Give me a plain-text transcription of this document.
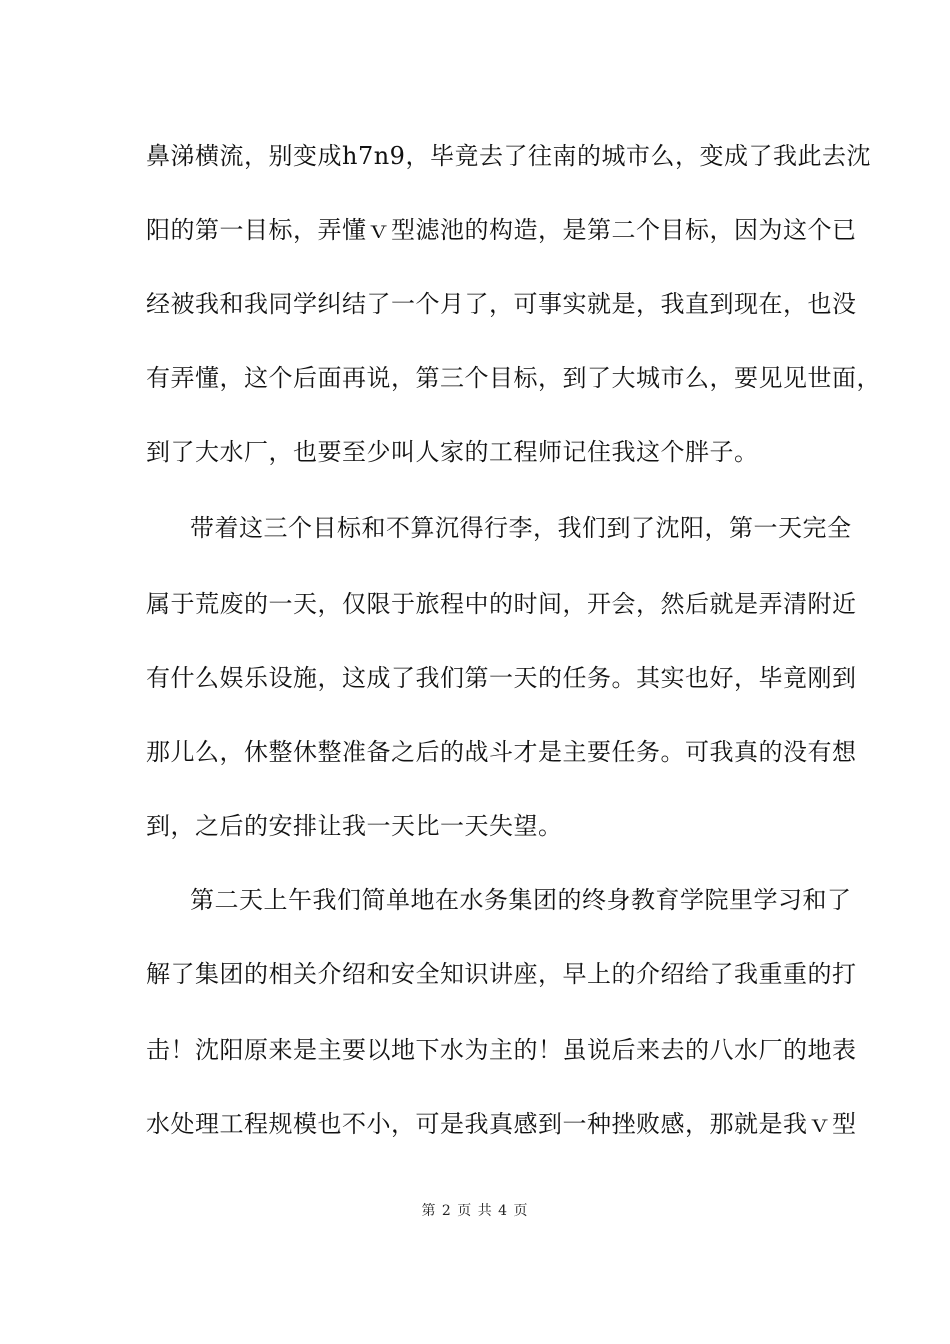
鼻涕横流，别变成h7n9，毕竟去了往南的城市么，变成了我此去沈
阳的第一目标，弄懂ｖ型滤池的构造，是第二个目标，因为这个已
经被我和我同学纠结了一个月了，可事实就是，我直到现在，也没
有弄懂，这个后面再说，第三个目标，到了大城市么，要见见世面，
到了大水厂，也要至少叫人家的工程师记住我这个胖子。
带着这三个目标和不算沉得行李，我们到了沈阳，第一天完全
属于荒废的一天，仅限于旅程中的时间，开会，然后就是弄清附近
有什么娱乐设施，这成了我们第一天的任务。其实也好，毕竟刚到
那儿么，休整休整准备之后的战斗才是主要任务。可我真的没有想
到，之后的安排让我一天比一天失望。
第二天上午我们简单地在水务集团的终身教育学院里学习和了
解了集团的相关介绍和安全知识讲座，早上的介绍给了我重重的打
击！沈阳原来是主要以地下水为主的！虽说后来去的八水厂的地表
水处理工程规模也不小，可是我真感到一种挫败感，那就是我ｖ型
第 2 页 共 4 页
